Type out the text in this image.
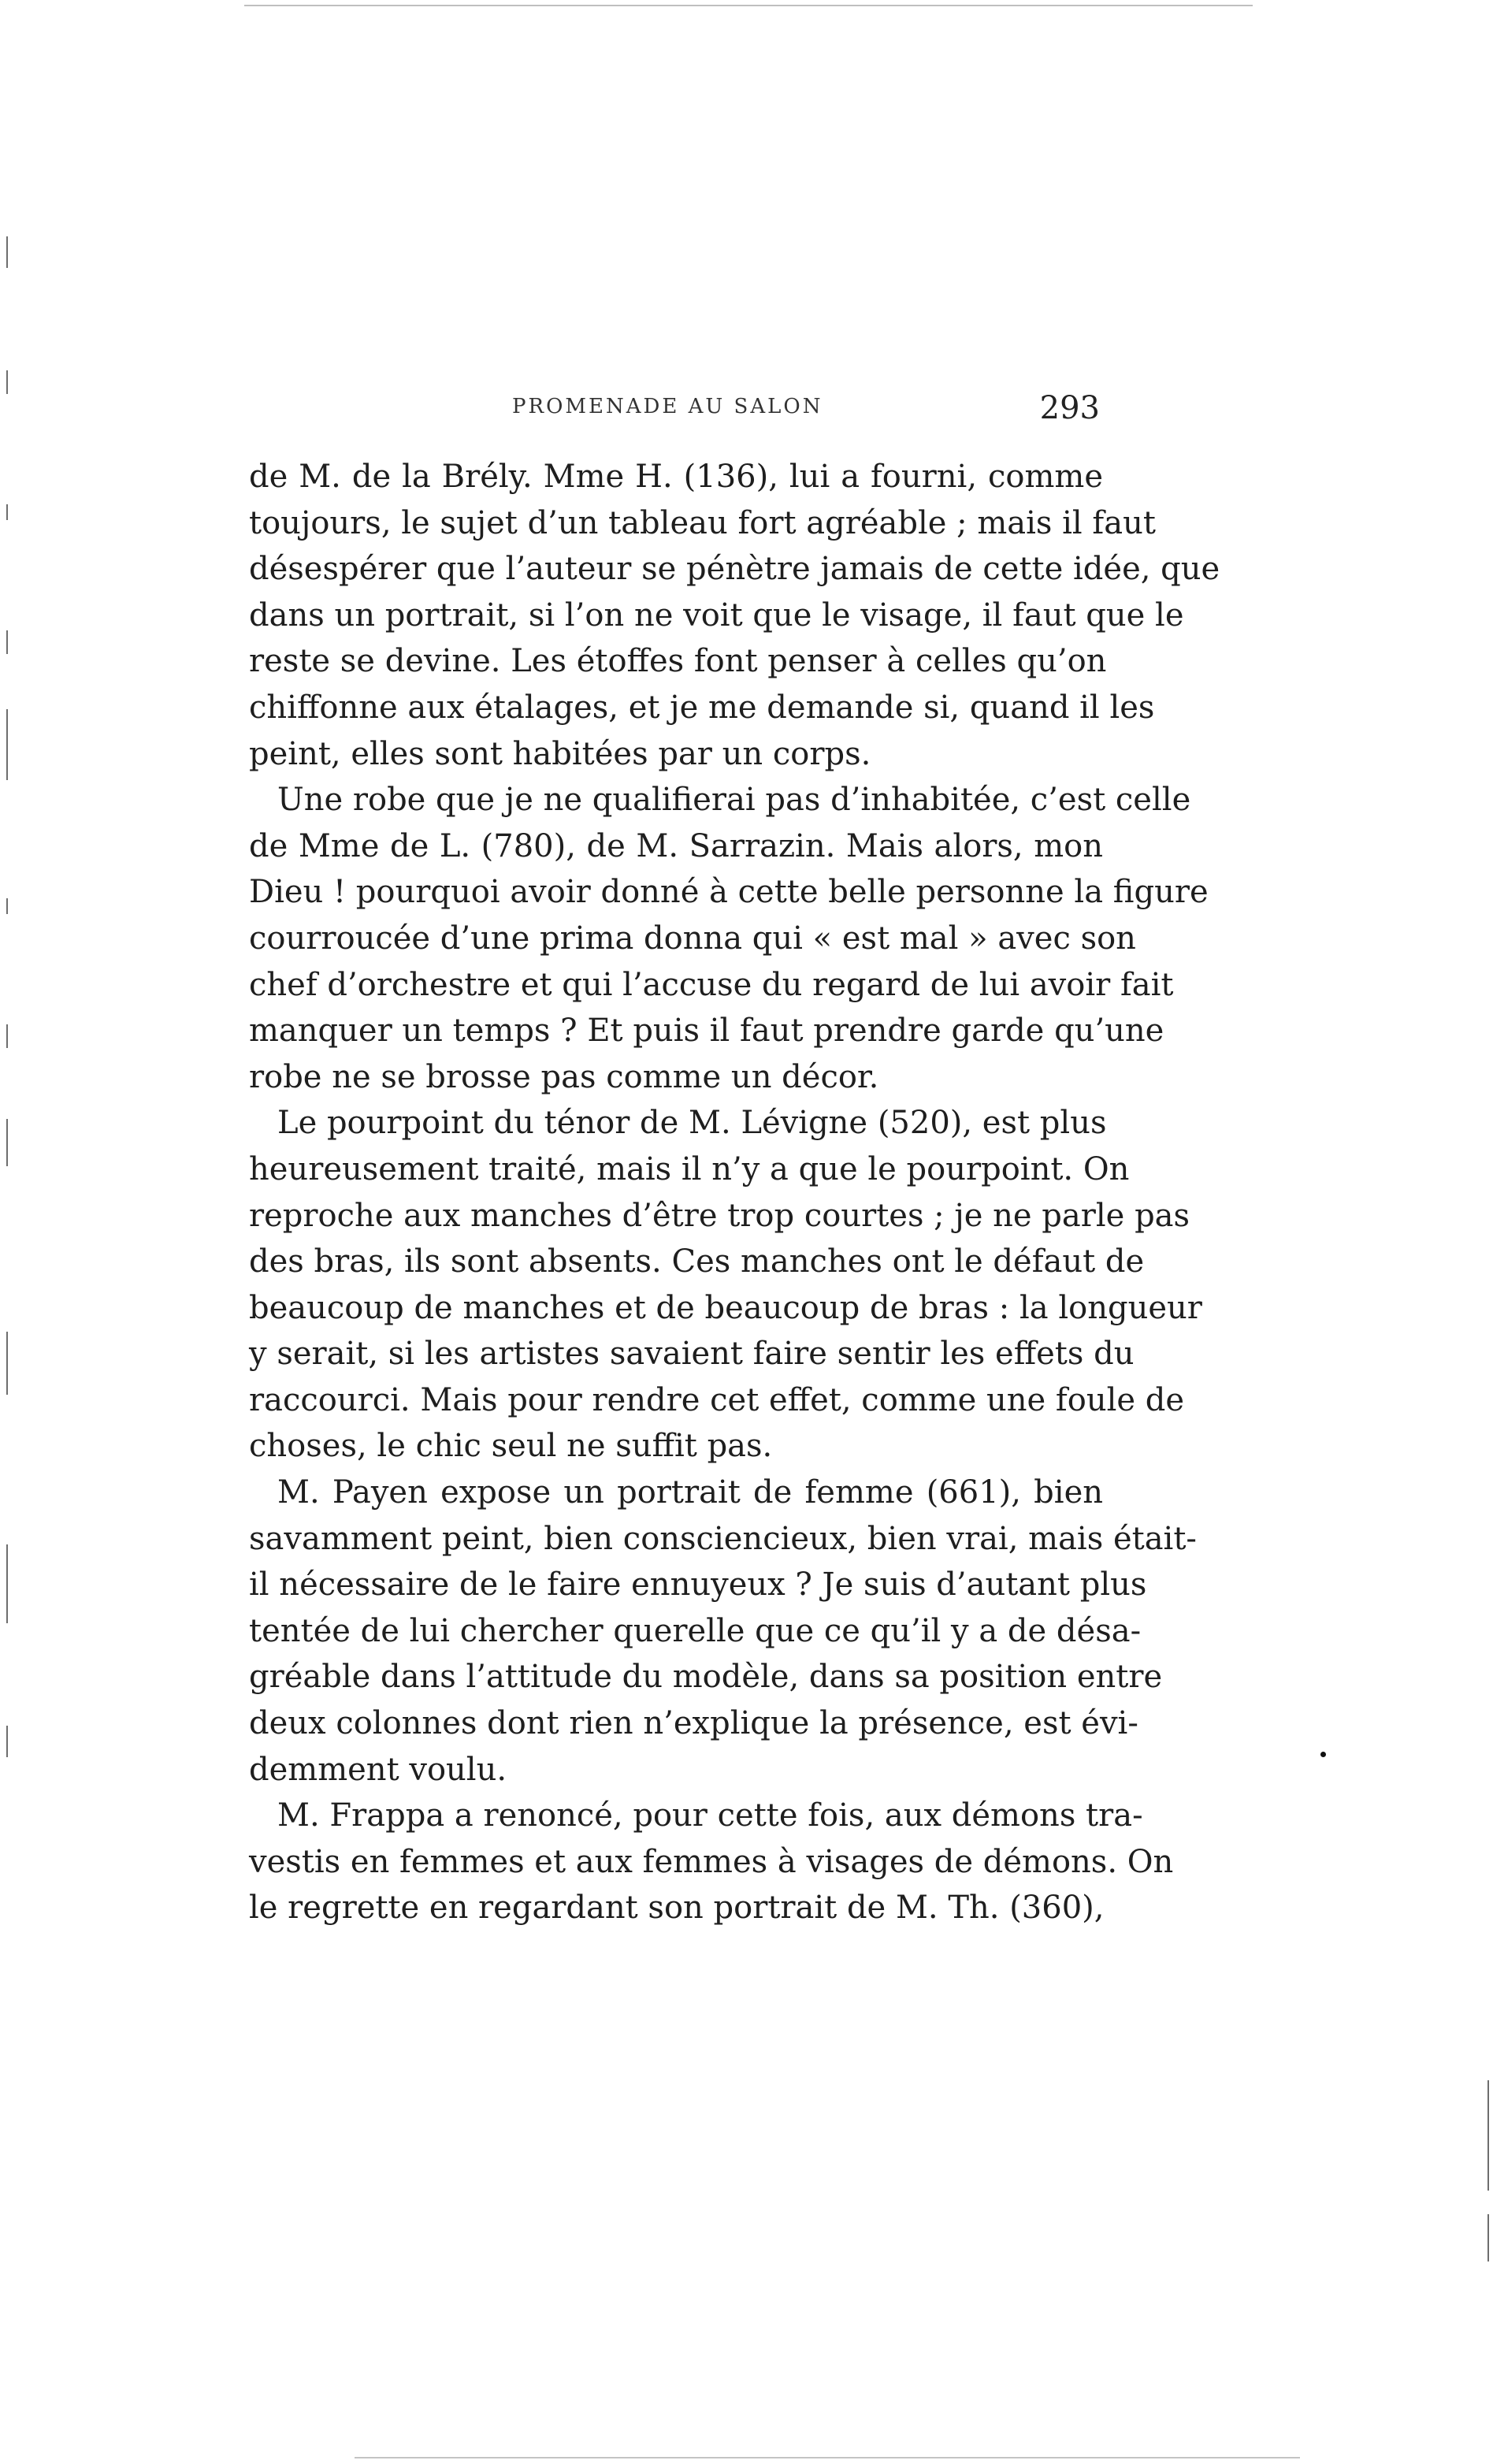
PROMENADE AU SALON	293
de M. de la Brély. Mme H. (136), lui a fourni, comme
toujours, le sujet d’un tableau fort agréable ; mais il faut
désespérer que l’auteur se pénètre jamais de cette idée, que
dans un portrait, si l’on ne voit que le visage, il faut que le
reste se devine. Les étoffes font penser à celles qu’on
chiffonne aux étalages, et je me demande si, quand il les
peint, elles sont habitées par un corps.
Une robe que je ne qualifierai pas d’inhabitée, c’est celle
de Mme de L. (780), de M. Sarrazin. Mais alors, mon
Dieu ! pourquoi avoir donné à cette belle personne la figure
courroucée d’une prima donna qui « est mal » avec son
chef d’orchestre et qui l’accuse du regard de lui avoir fait
manquer un temps ? Et puis il faut prendre garde qu’une
robe ne se brosse pas comme un décor.
Le pourpoint du ténor de M. Lévigne (520), est plus
heureusement traité, mais il n’y a que le pourpoint. On
reproche aux manches d’être trop courtes ; je ne parle pas
des bras, ils sont absents. Ces manches ont le défaut de
beaucoup de manches et de beaucoup de bras : la longueur
y serait, si les artistes savaient faire sentir les effets du
raccourci. Mais pour rendre cet effet, comme une foule de
choses, le chic seul ne suffit pas.
M. Payen expose un portrait de femme (661), bien
savamment peint, bien consciencieux, bien vrai, mais était-
il nécessaire de le faire ennuyeux ? Je suis d’autant plus
tentée de lui chercher querelle que ce qu’il y a de désa-
gréable dans l’attitude du modèle, dans sa position entre
deux colonnes dont rien n’explique la présence, est évi-
demment voulu.
M. Frappa a renoncé, pour cette fois, aux démons tra-
vestis en femmes et aux femmes à visages de démons. On
le regrette en regardant son portrait de M. Th. (360),
